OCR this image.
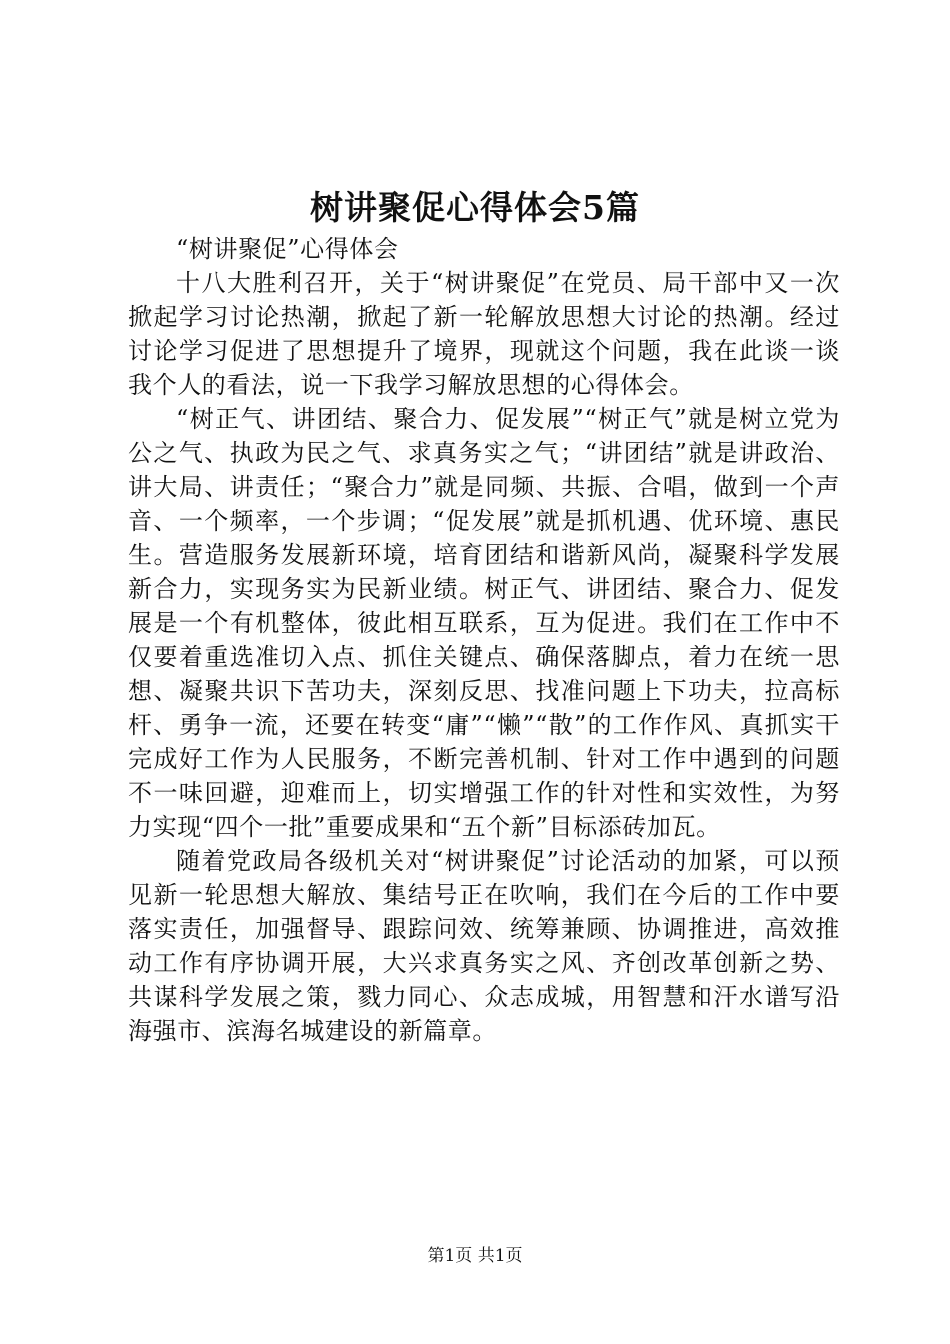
树讲聚促心得体会5篇

“树讲聚促”心得体会

十八大胜利召开，关于“树讲聚促”在党员、局干部中又一次掀起学习讨论热潮，掀起了新一轮解放思想大讨论的热潮。经过讨论学习促进了思想提升了境界，现就这个问题，我在此谈一谈我个人的看法，说一下我学习解放思想的心得体会。

“树正气、讲团结、聚合力、促发展”“树正气”就是树立党为公之气、执政为民之气、求真务实之气；“讲团结”就是讲政治、讲大局、讲责任；“聚合力”就是同频、共振、合唱，做到一个声音、一个频率，一个步调；“促发展”就是抓机遇、优环境、惠民生。营造服务发展新环境，培育团结和谐新风尚，凝聚科学发展新合力，实现务实为民新业绩。树正气、讲团结、聚合力、促发展是一个有机整体，彼此相互联系，互为促进。我们在工作中不仅要着重选准切入点、抓住关键点、确保落脚点，着力在统一思想、凝聚共识下苦功夫，深刻反思、找准问题上下功夫，拉高标杆、勇争一流，还要在转变“庸”“懒”“散”的工作作风、真抓实干完成好工作为人民服务，不断完善机制、针对工作中遇到的问题不一味回避，迎难而上，切实增强工作的针对性和实效性，为努力实现“四个一批”重要成果和“五个新”目标添砖加瓦。

随着党政局各级机关对“树讲聚促”讨论活动的加紧，可以预见新一轮思想大解放、集结号正在吹响，我们在今后的工作中要落实责任，加强督导、跟踪问效、统筹兼顾、协调推进，高效推动工作有序协调开展，大兴求真务实之风、齐创改革创新之势、共谋科学发展之策，戮力同心、众志成城，用智慧和汗水谱写沿海强市、滨海名城建设的新篇章。

第1页 共1页
